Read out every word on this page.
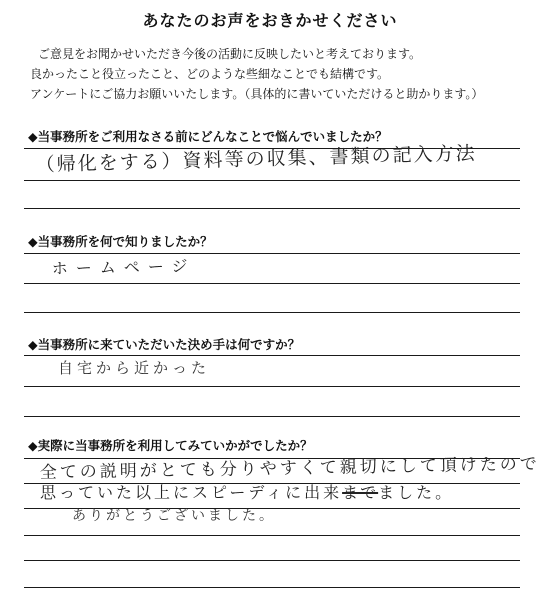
あなたのお声をおきかせください
ご意見をお聞かせいただき今後の活動に反映したいと考えております。
良かったこと役立ったこと、どのような些細なことでも結構です。
アンケートにご協力お願いいたします。（具体的に書いていただけると助かります。）
◆当事務所をご利用なさる前にどんなことで悩んでいましたか？
（帰化をする）資料等の収集、書類の記入方法
◆当事務所を何で知りましたか？
ホームページ
◆当事務所に来ていただいた決め手は何ですか？
自宅から近かった
◆実際に当事務所を利用してみていかがでしたか？
全ての説明がとても分りやすくて親切にして頂けたので
思っていた以上にスピーディに出来までました。
ありがとうございました。
